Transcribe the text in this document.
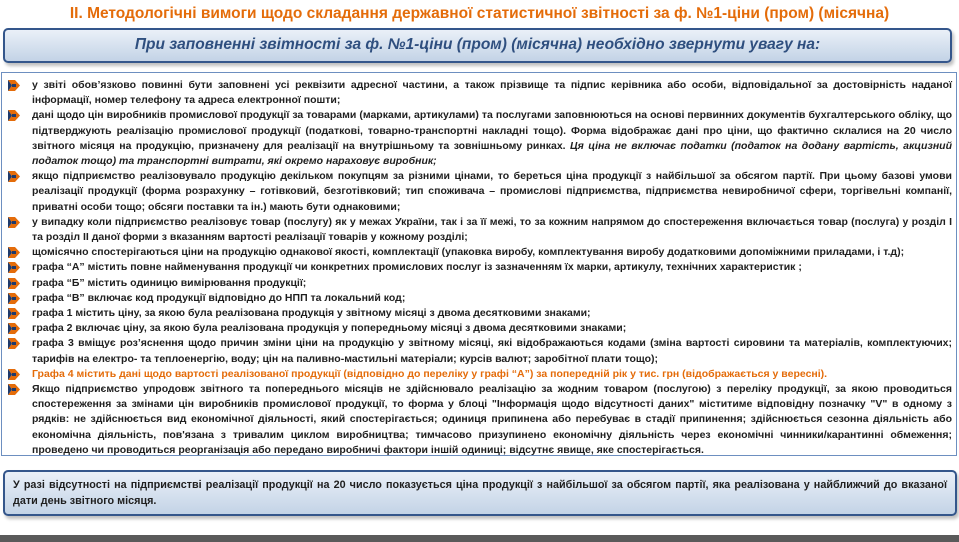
ІІ. Методологічні вимоги щодо складання державної статистичної звітності за ф. №1-ціни (пром) (місячна)
При заповненні звітності за ф. №1-ціни (пром) (місячна) необхідно звернути увагу на:
у звіті обов’язково повинні бути заповнені усі реквізити адресної частини, а також прізвище та підпис керівника або особи, відповідальної за достовірність наданої інформації, номер телефону та адреса електронної пошти;
дані щодо цін виробників промислової продукції за товарами (марками, артикулами) та послугами заповнюються на основі первинних документів бухгалтерського обліку, що підтверджують реалізацію промислової продукції (податкові, товарно-транспортні накладні тощо). Форма відображає дані про ціни, що фактично склалися на 20 число звітного місяця на продукцію, призначену для реалізації на внутрішньому та зовнішньому ринках. Ця ціна не включає податки (податок на додану вартість, акцизний податок тощо) та транспортні витрати, які окремо нараховує виробник;
якщо підприємство реалізовувало продукцію декільком покупцям за різними цінами, то береться ціна продукції з найбільшої за обсягом партії. При цьому базові умови реалізації продукції (форма розрахунку – готівковий, безготівковий; тип споживача – промислові підприємства, підприємства невиробничої сфери, торгівельні компанії, приватні особи тощо; обсяги поставки та ін.) мають бути однаковими;
у випадку коли підприємство реалізовує товар (послугу) як у межах України, так і за її межі, то за кожним напрямом до спостереження включається товар (послуга) у розділ І та розділ ІІ даної форми з вказанням вартості реалізації товарів у кожному розділі;
щомісячно спостерігаються ціни на продукцію однакової якості, комплектації (упаковка виробу, комплектування виробу додатковими допоміжними приладами, і т.д);
графа “А” містить повне найменування продукції чи конкретних промислових послуг із зазначенням їх марки, артикулу, технічних характеристик ;
графа “Б” містить одиницю вимірювання продукції;
графа “В” включає код продукції відповідно до НПП та локальний код;
графа 1 містить ціну, за якою була реалізована продукція у звітному місяці з двома десятковими знаками;
графа 2 включає ціну, за якою була реалізована продукція у попередньому місяці з двома десятковими знаками;
графа 3 вміщує роз’яснення щодо причин зміни ціни на продукцію у звітному місяці, які відображаються кодами (зміна вартості сировини та матеріалів, комплектуючих; тарифів на електро- та теплоенергію, воду; цін на паливно-мастильні матеріали; курсів валют; заробітної плати тощо);
Графа 4 містить дані щодо вартості реалізованої продукції (відповідно до переліку у графі “А”) за попередній рік у тис. грн (відображається у вересні).
Якщо підприємство упродовж звітного та попереднього місяців не здійснювало реалізацію за жодним товаром (послугою) з переліку продукції, за якою проводиться спостереження за змінами цін виробників промислової продукції, то форма у блоці "Інформація щодо відсутності даних" міститиме відповідну позначку "V" в одному з рядків: не здійснюється вид економічної діяльності, який спостерігається; одиниця припинена або перебуває в стадії припинення; здійснюється сезонна діяльність або економічна діяльність, пов'язана з тривалим циклом виробництва; тимчасово призупинено економічну діяльність через економічні чинники/карантинні обмеження; проведено чи проводиться реорганізація або передано виробничі фактори іншій одиниці; відсутнє явище, яке спостерігається.
У разі відсутності на підприємстві реалізації продукції на 20 число показується ціна продукції з найбільшої за обсягом партії, яка реалізована у найближчий до вказаної дати день звітного місяця.
